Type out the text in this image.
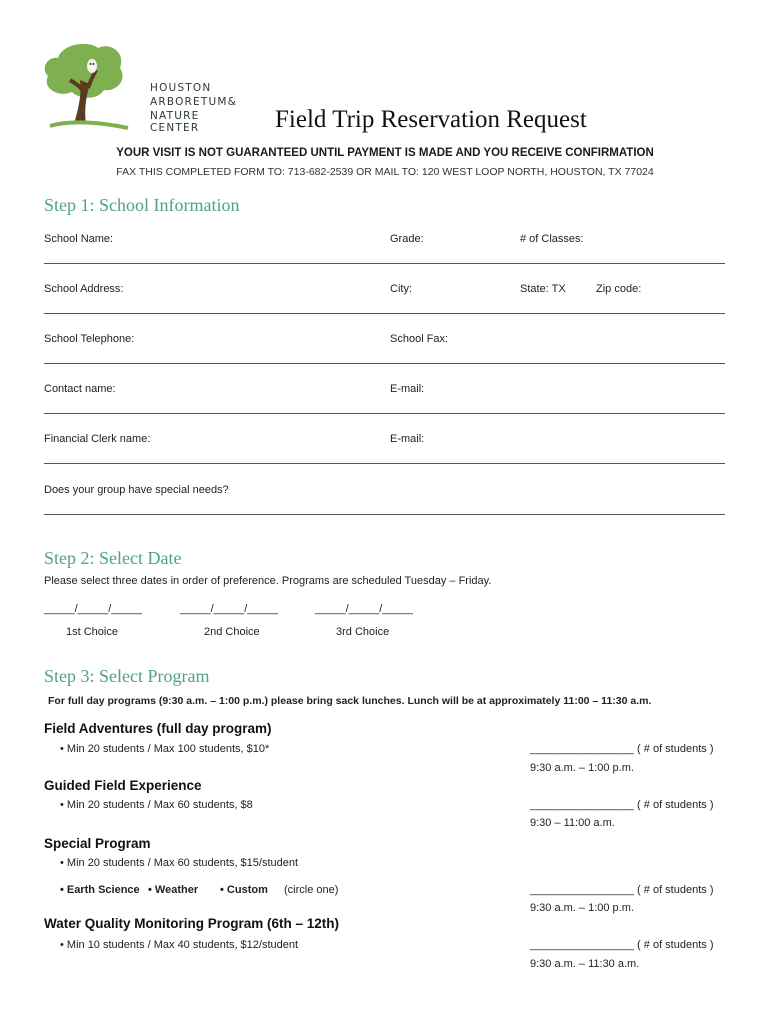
HOUSTON
ARBORETUM&
NATURE CENTER	Field Trip Reservation Request
YOUR VISIT IS NOT GUARANTEED UNTIL PAYMENT IS MADE AND YOU RECEIVE CONFIRMATION
FAX THIS COMPLETED FORM TO: 713-682-2539 OR MAIL TO: 120 WEST LOOP NORTH, HOUSTON, TX 77024
Step 1: School Information
School Name:	Grade:	# of Classes:
School Address:	City:	State: TX	Zip code:
School Telephone:	School Fax:
Contact name:	E-mail:
Financial Clerk name:	E-mail:
Does your group have special needs?
Step 2: Select Date
Please select three dates in order of preference. Programs are scheduled Tuesday – Friday.
_____/_____/_____	_____/_____/_____	_____/_____/_____
1st Choice	2nd Choice	3rd Choice
Step 3: Select Program
For full day programs (9:30 a.m. – 1:00 p.m.) please bring sack lunches. Lunch will be at approximately 11:00 – 11:30 a.m.
Field Adventures (full day program)
• Min 20 students / Max 100 students, $10*	_________________ ( # of students )
9:30 a.m. – 1:00 p.m.
Guided Field Experience
• Min 20 students / Max 60 students, $8	_________________ ( # of students )
9:30 – 11:00 a.m.
Special Program
• Min 20 students / Max 60 students, $15/student
• Earth Science • Weather • Custom (circle one)	_________________ ( # of students )
9:30 a.m. – 1:00 p.m.
Water Quality Monitoring Program (6th – 12th)
• Min 10 students / Max 40 students, $12/student	_________________ ( # of students )
9:30 a.m. – 11:30 a.m.
